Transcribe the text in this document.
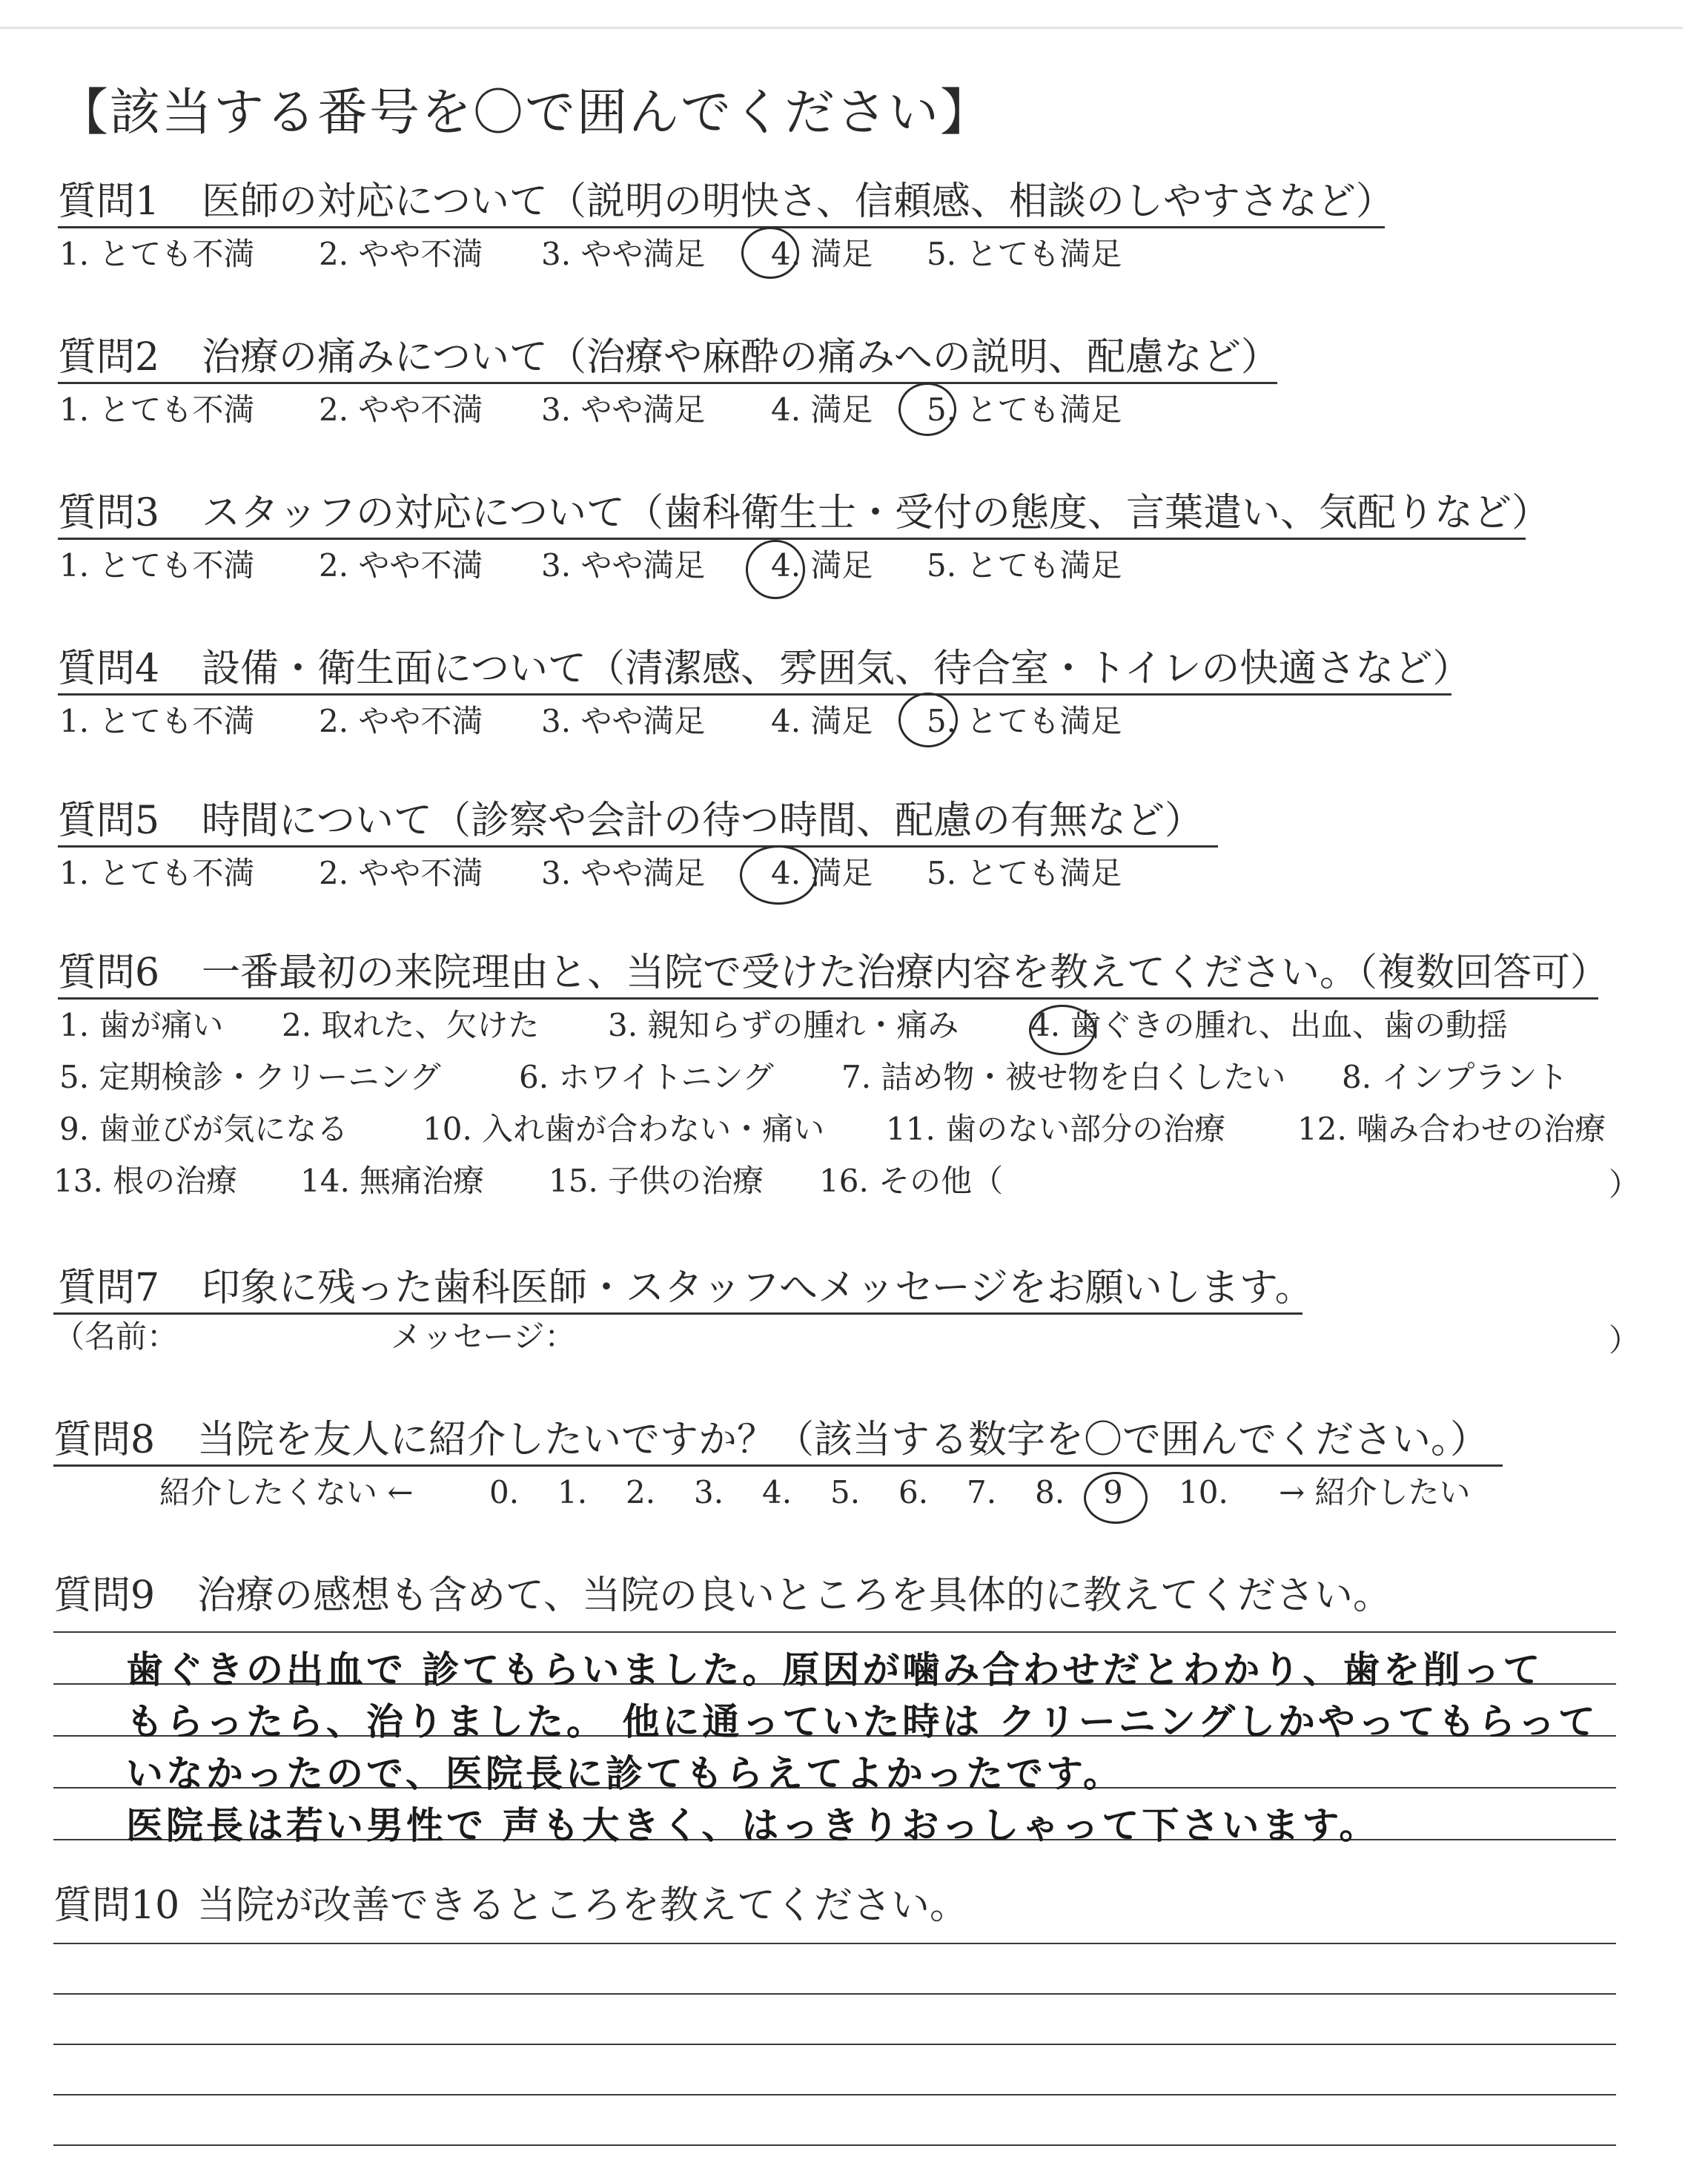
【該当する番号を〇で囲んでください】
質問1 医師の対応について（説明の明快さ、信頼感、相談のしやすさなど）
1. とても不満 2. やや不満 3. やや満足 4. 満足 5. とても満足
質問2 治療の痛みについて（治療や麻酔の痛みへの説明、配慮など）
1. とても不満 2. やや不満 3. やや満足 4. 満足 5. とても満足
質問3 スタッフの対応について（歯科衛生士・受付の態度、言葉遣い、気配りなど）
1. とても不満 2. やや不満 3. やや満足 4. 満足 5. とても満足
質問4 設備・衛生面について（清潔感、雰囲気、待合室・トイレの快適さなど）
1. とても不満 2. やや不満 3. やや満足 4. 満足 5. とても満足
質問5 時間について（診察や会計の待つ時間、配慮の有無など）
1. とても不満 2. やや不満 3. やや満足 4. 満足 5. とても満足
質問6 一番最初の来院理由と、当院で受けた治療内容を教えてください。（複数回答可）
1. 歯が痛い 2. 取れた、欠けた 3. 親知らずの腫れ・痛み 4. 歯ぐきの腫れ、出血、歯の動揺
5. 定期検診・クリーニング	6. ホワイトニング 7. 詰め物・被せ物を白くしたい 8. インプラント
9. 歯並びが気になる 10. 入れ歯が合わない・痛い 11. 歯のない部分の治療 12. 噛み合わせの治療
13. 根の治療 14. 無痛治療 15. 子供の治療 16. その他（	）
質問7 印象に残った歯科医師・スタッフへメッセージをお願いします。
（名前：	メッセージ：	）
質問8 当院を友人に紹介したいですか？（該当する数字を〇で囲んでください。）
紹介したくない ← 0. 1. 2. 3. 4. 5. 6. 7. 8. 9 10. → 紹介したい
質問9 治療の感想も含めて、当院の良いところを具体的に教えてください。
歯ぐきの出血で 診てもらいました。原因が噛み合わせだとわかり、歯を削って
もらったら、治りました。 他に通っていた時は クリーニングしかやってもらって
いなかったので、医院長に診てもらえてよかったです。
医院長は若い男性で 声も大きく、はっきりおっしゃって下さいます。
質問10 当院が改善できるところを教えてください。
